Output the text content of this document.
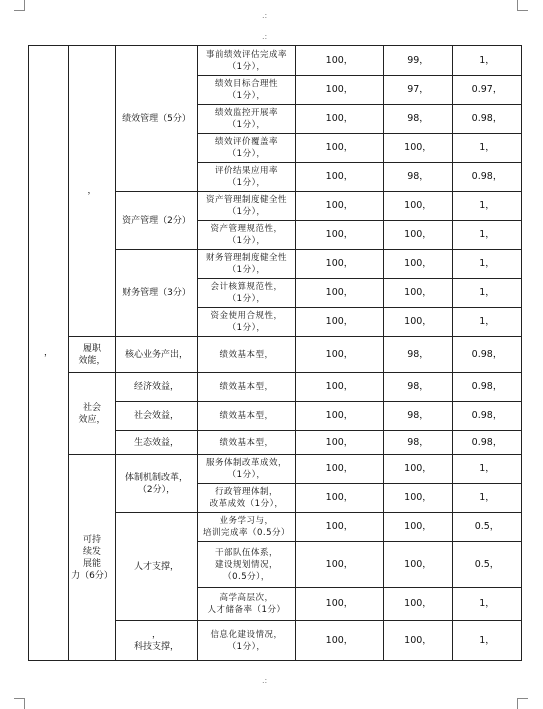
.:
.:
.:
，	，	绩效管理（5分）	事前绩效评估完成率
（1分），	100，	99，	1，
			绩效目标合理性
（1分），	100，	97，	0.97，
			绩效监控开展率
（1分），	100，	98，	0.98，
			绩效评价覆盖率
（1分），	100，	100，	1，
			评价结果应用率
（1分），	100，	98，	0.98，
		资产管理（2分）	资产管理制度健全性
（1分），	100，	100，	1，
			资产管理规范性，
（1分），	100，	100，	1，
		财务管理（3分）	财务管理制度健全性
（1分），	100，	100，	1，
			会计核算规范性，
（1分），	100，	100，	1，
			资金使用合规性，
（1分），	100，	100，	1，
	履职
效能，	核心业务产出，	绩效基本型，	100，	98，	0.98，
	社会
效应，	经济效益，	绩效基本型，	100，	98，	0.98，
		社会效益，	绩效基本型，	100，	98，	0.98，
		生态效益，	绩效基本型，	100，	98，	0.98，
	可持
续发
展能
力（6分）	体制机制改革，
（2分），	服务体制改革成效，
（1分），	100，	100，	1，
			行政管理体制，
改革成效（1分），	100，	100，	1，
		人才支撑，	业务学习与，
培训完成率（0.5分）	100，	100，	0.5，
			干部队伍体系，
建设规划情况，
（0.5分），	100，	100，	0.5，
			高学高层次，
人才储备率（1分）	100，	100，	1，
		，
科技支撑，	信息化建设情况，
（1分），	100，	100，	1，
